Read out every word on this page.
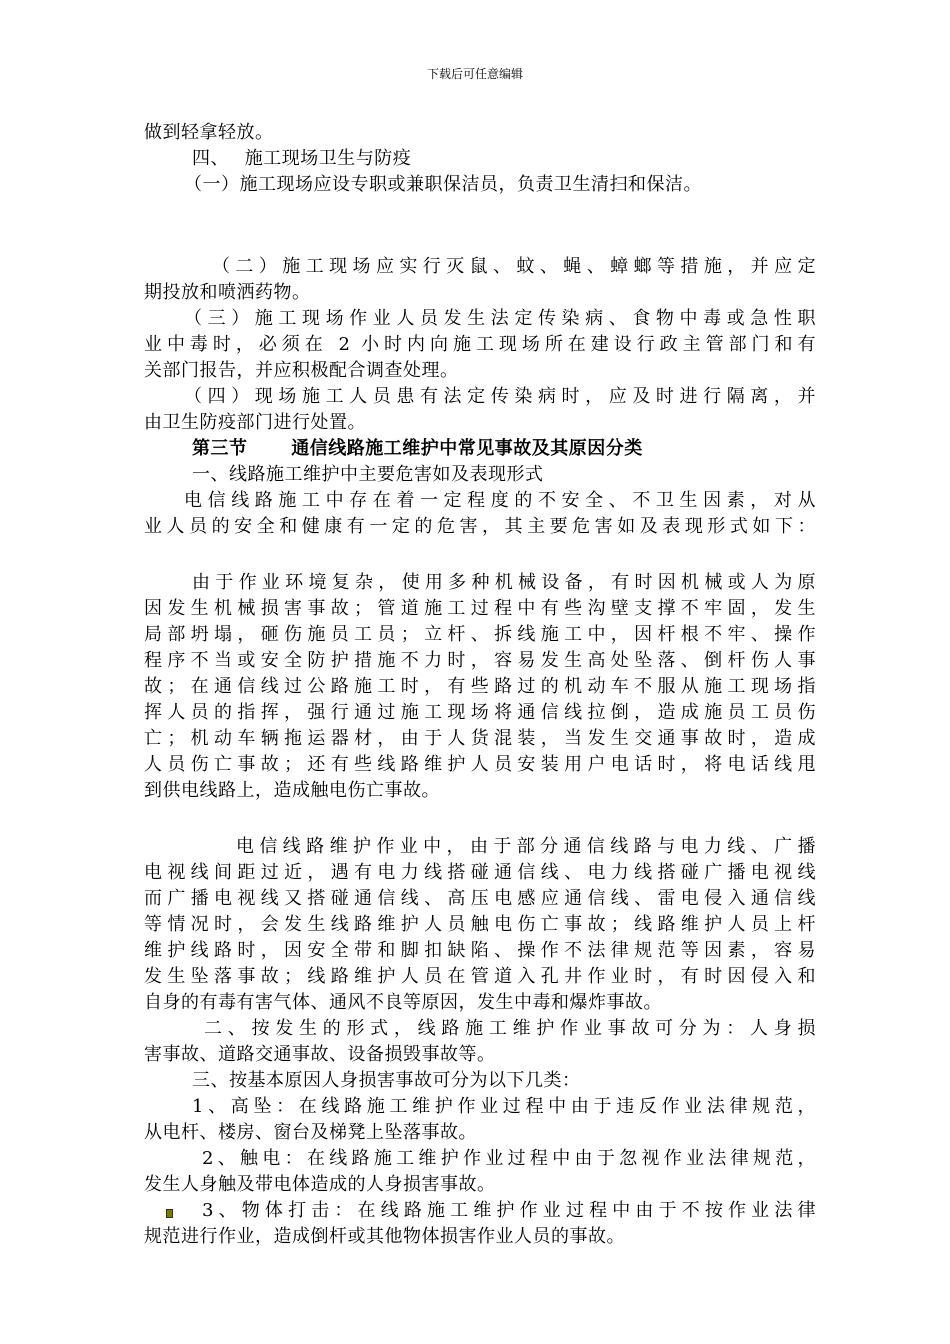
下载后可任意编辑
做到轻拿轻放。
四、　 施工现场卫生与防疫
（一）施工现场应设专职或兼职保洁员，负责卫生清扫和保洁。
（二）施工现场应实行灭鼠、蚊、蝇、蟑螂等措施，并应定
期投放和喷洒药物。
（三）施工现场作业人员发生法定传染病、食物中毒或急性职
业中毒时，必须在 2 小时内向施工现场所在建设行政主管部门和有
关部门报告，并应积极配合调查处理。
（四）现场施工人员患有法定传染病时，应及时进行隔离，并
由卫生防疫部门进行处置。
第三节　　 通信线路施工维护中常见事故及其原因分类
一、线路施工维护中主要危害如及表现形式
电信线路施工中存在着一定程度的不安全、不卫生因素，对从
业人员的安全和健康有一定的危害，其主要危害如及表现形式如下：
由于作业环境复杂，使用多种机械设备，有时因机械或人为原
因发生机械损害事故；管道施工过程中有些沟壁支撑不牢固，发生
局部坍塌，砸伤施员工员；立杆、拆线施工中，因杆根不牢、操作
程序不当或安全防护措施不力时，容易发生高处坠落、倒杆伤人事
故；在通信线过公路施工时，有些路过的机动车不服从施工现场指
挥人员的指挥，强行通过施工现场将通信线拉倒，造成施员工员伤
亡；机动车辆拖运器材，由于人货混装，当发生交通事故时，造成
人员伤亡事故；还有些线路维护人员安装用户电话时，将电话线甩
到供电线路上，造成触电伤亡事故。
电信线路维护作业中，由于部分通信线路与电力线、广播
电视线间距过近，遇有电力线搭碰通信线、电力线搭碰广播电视线
而广播电视线又搭碰通信线、高压电感应通信线、雷电侵入通信线
等情况时，会发生线路维护人员触电伤亡事故；线路维护人员上杆
维护线路时，因安全带和脚扣缺陷、操作不法律规范等因素，容易
发生坠落事故；线路维护人员在管道入孔井作业时，有时因侵入和
自身的有毒有害气体、通风不良等原因，发生中毒和爆炸事故。
二、按发生的形式，线路施工维护作业事故可分为：人身损
害事故、道路交通事故、设备损毁事故等。
三、按基本原因人身损害事故可分为以下几类：
1、高坠：在线路施工维护作业过程中由于违反作业法律规范，
从电杆、楼房、窗台及梯凳上坠落事故。
2、触电：在线路施工维护作业过程中由于忽视作业法律规范，
发生人身触及带电体造成的人身损害事故。
3、物体打击：在线路施工维护作业过程中由于不按作业法律
规范进行作业，造成倒杆或其他物体损害作业人员的事故。
